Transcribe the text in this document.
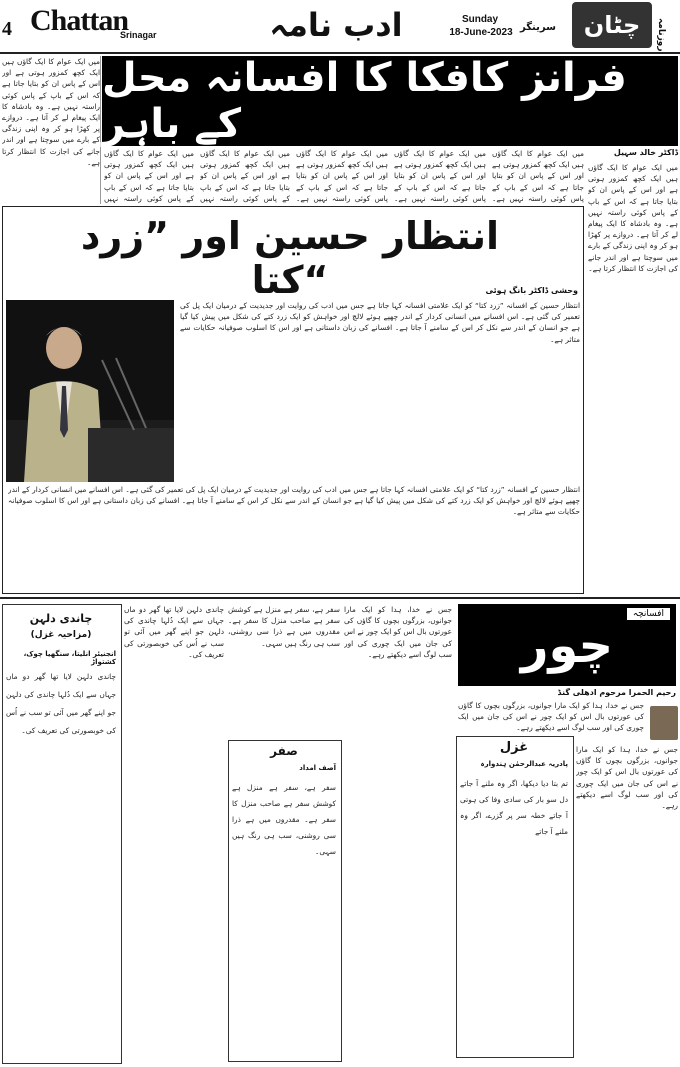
4 Chattan
Srinagar	ادب نامہ	Sunday
18-June-2023 سرینگر	چٹان	روزنامہ
میں ایک عوام کا ایک گاؤں ہیں ایک کچھ کمزور ہوتی ہے اور اس کے پاس ان کو بتایا جاتا ہے کہ اس کے باپ کے پاس کوئی راستہ نہیں ہے۔ وہ بادشاہ کا ایک پیغام لے کر آتا ہے۔ دروازے پر کھڑا ہو کر وہ اپنی زندگی کے بارے میں سوچتا ہے اور اندر جانے کی اجازت کا انتظار کرتا ہے۔
فرانز کافکا کا افسانہ محل کے باہر
میں ایک عوام کا ایک گاؤں ہیں ایک کچھ کمزور ہوتی ہے اور اس کے پاس ان کو بتایا جاتا ہے کہ اس کے باپ کے پاس کوئی راستہ نہیں
میں ایک عوام کا ایک گاؤں ہیں ایک کچھ کمزور ہوتی ہے اور اس کے پاس ان کو بتایا جاتا ہے کہ اس کے باپ کے پاس کوئی راستہ نہیں
میں ایک عوام کا ایک گاؤں ہیں ایک کچھ کمزور ہوتی ہے اور اس کے پاس ان کو بتایا جاتا ہے کہ اس کے باپ کے پاس کوئی راستہ نہیں ہے۔
میں ایک عوام کا ایک گاؤں ہیں ایک کچھ کمزور ہوتی ہے اور اس کے پاس ان کو بتایا جاتا ہے کہ اس کے باپ کے پاس کوئی راستہ نہیں ہے۔
میں ایک عوام کا ایک گاؤں ہیں ایک کچھ کمزور ہوتی ہے اور اس کے پاس ان کو بتایا جاتا ہے کہ اس کے باپ کے پاس کوئی راستہ نہیں ہے۔
ڈاکٹر خالد سہیل
میں ایک عوام کا ایک گاؤں ہیں ایک کچھ کمزور ہوتی ہے اور اس کے پاس ان کو بتایا جاتا ہے کہ اس کے باپ کے پاس کوئی راستہ نہیں ہے۔ وہ بادشاہ کا ایک پیغام لے کر آتا ہے۔ دروازے پر کھڑا ہو کر وہ اپنی زندگی کے بارے میں سوچتا ہے اور اندر جانے کی اجازت کا انتظار کرتا ہے۔
انتظار حسین اور ”زرد کتا“	وحشی ڈاکٹر بانگ ہوئی
انتظار حسین کے افسانہ ”زرد کتا“ کو ایک علامتی افسانہ کہا جاتا ہے جس میں ادب کی روایت اور جدیدیت کے درمیان ایک پل کی تعمیر کی گئی ہے۔ اس افسانے میں انسانی کردار کے اندر چھپے ہوئے لالچ اور خواہش کو ایک زرد کتے کی شکل میں پیش کیا گیا ہے جو انسان کے اندر سے نکل کر اس کے سامنے آ جاتا ہے۔ افسانے کی زبان داستانی ہے اور اس کا اسلوب صوفیانہ حکایات سے متاثر ہے۔
انتظار حسین کے افسانہ ”زرد کتا“ کو ایک علامتی افسانہ کہا جاتا ہے جس میں ادب کی روایت اور جدیدیت کے درمیان ایک پل کی تعمیر کی گئی ہے۔ اس افسانے میں انسانی کردار کے اندر چھپے ہوئے لالچ اور خواہش کو ایک زرد کتے کی شکل میں پیش کیا گیا ہے جو انسان کے اندر سے نکل کر اس کے سامنے آ جاتا ہے۔ افسانے کی زبان داستانی ہے اور اس کا اسلوب صوفیانہ حکایات سے متاثر ہے۔
افسانچہ
چور
رحیم الحمرا مرحوم ادھلی گنڈ
جس نے خدا، ہدا کو ایک مارا جوانوں، بزرگوں بچوں کا گاؤں کی عورتوں بال اس کو ایک چور نے اس کی جان میں ایک چوری کی اور سب لوگ اسے دیکھتے رہے۔
جس نے خدا، ہدا کو ایک مارا جوانوں، بزرگوں بچوں کا گاؤں کی عورتوں بال اس کو ایک چور نے اس کی جان میں ایک چوری کی اور سب لوگ اسے دیکھتے رہے۔
غزل
پادریہ عبدالرحمٰن ہندوارہ
تم بتا دیا دیکھا، اگر وہ ملنے آ جاتے دل سو بار کی سادی وفا کی ہوتی آ جاتے خطہ سر پر گزرے، اگر وہ ملنے آ جاتے
جس نے خدا، ہدا کو ایک مارا جوانوں، بزرگوں بچوں کا گاؤں کی عورتوں بال اس کو ایک چور نے اس کی جان میں ایک چوری کی اور سب لوگ اسے دیکھتے رہے۔
سفر ہے، سفر ہے منزل ہے کوشش سفر ہے صاحب منزل کا سفر ہے۔ مقدروں میں ہے ذرا سی روشنی، سب ہی رنگ ہیں سہی۔
صفر
آصف امداد
سفر ہے، سفر ہے منزل ہے کوشش سفر ہے صاحب منزل کا سفر ہے۔ مقدروں میں ہے ذرا سی روشنی، سب ہی رنگ ہیں سہی۔
چاندی دلہن لایا تھا گھر دو ماں جہاں سے ایک دُلہا چاندی کی دلہن جو اپنے گھر میں آئی تو سب نے اُس کی خوبصورتی کی تعریف کی۔
چاندی دلہن
(مزاحیہ غزل)
انجنیئر انلیتا، سنگھیا چوک، کشتواڑ
چاندی دلہن لایا تھا گھر دو ماں جہاں سے ایک دُلہا چاندی کی دلہن جو اپنے گھر میں آئی تو سب نے اُس کی خوبصورتی کی تعریف کی۔
